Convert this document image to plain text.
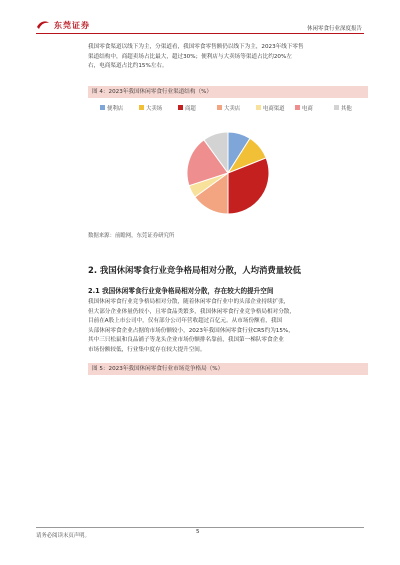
东莞证券	休闲零食行业深度报告

我国零食渠道以线下为主，分渠道看，我国零食零售额仍以线下为主，2023年线下零售

渠道结构中，商超卖场占比最大，超过30%；便利店与大卖场等渠道占比约20%左

右，电商渠道占比约15%左右。

图 4：2023年我国休闲零食行业渠道结构（%）
便利店	大卖场	商超	大卖店	电商渠道	电商	其他
数据来源：前瞻网，东莞证券研究所
2. 我国休闲零食行业竞争格局相对分散，人均消费量较低
2.1 我国休闲零食行业竞争格局相对分散，存在较大的提升空间

我国休闲零食行业竞争格局相对分散，随着休闲零食行业中的头部企业持续扩张，

但大部分企业体量仍较小，且零食品类繁多，我国休闲零食行业竞争格局相对分散，

目前在A股上市公司中，仅有部分公司年营收超过百亿元。从市场份额看，我国

头部休闲零食企业占据的市场份额较小，2023年我国休闲零食行业CR5约为15%，

其中三只松鼠和良品铺子等龙头企业市场份额排名靠前，我国第一梯队零食企业

市场份额较低，行业集中度存在较大提升空间。

图 5：2023年我国休闲零食行业市场竞争格局（%）
请务必阅读末页声明。
5
